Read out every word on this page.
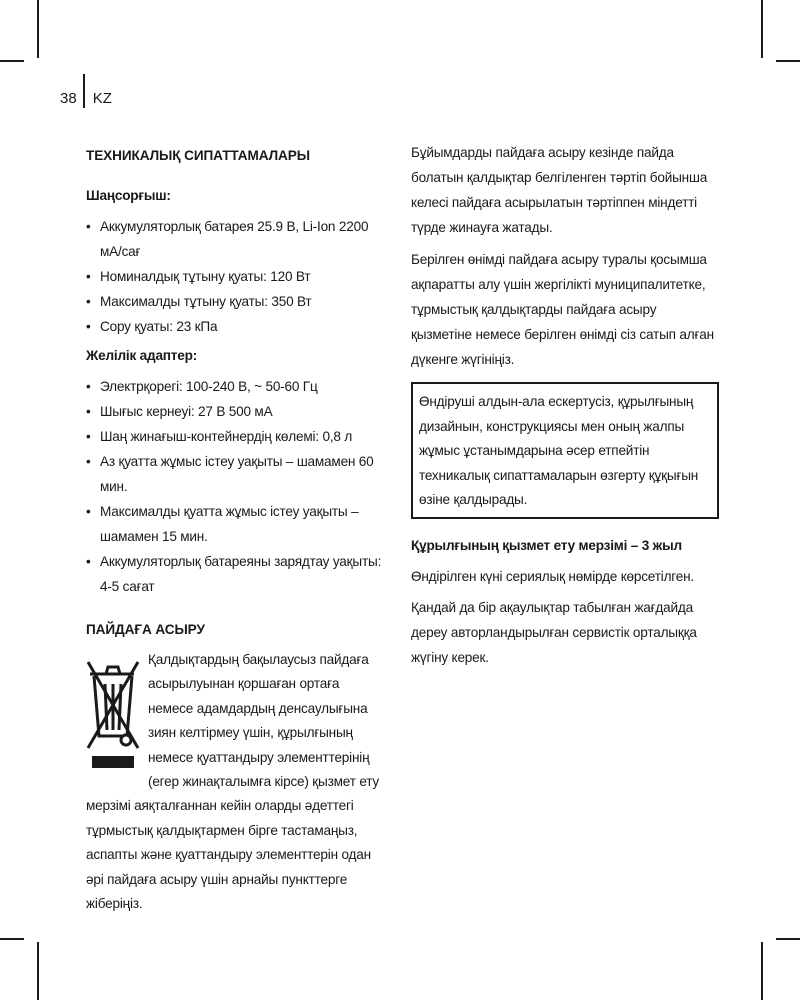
38	KZ
ТЕХНИКАЛЫҚ СИПАТТАМАЛАРЫ
Шаңсорғыш:
• Аккумуляторлық батарея 25.9 В, Li-Ion 2200 мА/сағ
• Номиналдық тұтыну қуаты: 120 Вт
• Максималды тұтыну қуаты: 350 Вт
• Сору қуаты: 23 кПа
Желілік адаптер:
• Электрқорегі: 100-240 В, ~ 50-60 Гц
• Шығыс кернеуі: 27 В 500 мА
• Шаң жинағыш-контейнердің көлемі: 0,8 л
• Аз қуатта жұмыс істеу уақыты – шамамен 60 мин.
• Максималды қуатта жұмыс істеу уақыты – шамамен 15 мин.
• Аккумуляторлық батареяны зарядтау уақыты: 4-5 сағат
ПАЙДАҒА АСЫРУ

Қалдықтардың бақылаусыз пайдаға асырылуынан қоршаған ортаға немесе адамдардың денсаулығына зиян келтірмеу үшін, құрылғының немесе қуаттандыру элементтерінің (егер жинақталымға кірсе) қызмет ету мерзімі аяқталғаннан кейін оларды әдеттегі тұрмыстық қалдықтармен бірге тастамаңыз, аспапты және қуаттандыру элементтерін одан әрі пайдаға асыру үшін арнайы пункттерге жіберіңіз.

Бұйымдарды пайдаға асыру кезінде пайда болатын қалдықтар белгіленген тәртіп бойынша келесі пайдаға асырылатын тәртіппен міндетті түрде жинауға жатады.

Берілген өнімді пайдаға асыру туралы қосымша ақпаратты алу үшін жергілікті муниципалитетке, тұрмыстық қалдықтарды пайдаға асыру қызметіне немесе берілген өнімді сіз сатып алған дүкенге жүгініңіз.

Өндіруші алдын-ала ескертусіз, құрылғының дизайнын, конструкциясы мен оның жалпы жұмыс ұстанымдарына әсер етпейтін техникалық сипаттамаларын өзгерту құқығын өзіне қалдырады.
Құрылғының қызмет ету мерзімі – 3 жыл

Өндірілген күні сериялық нөмірде көрсетілген.

Қандай да бір ақаулықтар табылған жағдайда дереу авторландырылған сервистік орталыққа жүгіну керек.
